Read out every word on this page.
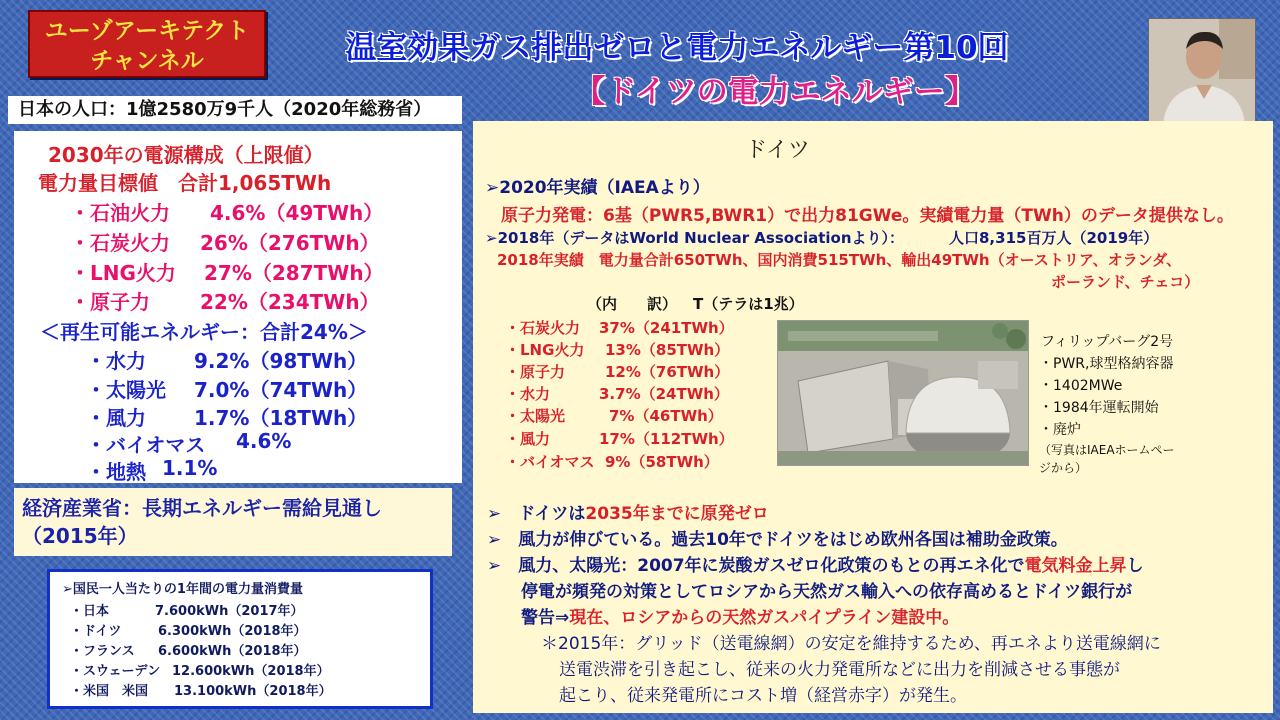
ユーゾアーキテクト
チャンネル	温室効果ガス排出ゼロと電力エネルギー第10回
【ドイツの電力エネルギー】
日本の人口：1億2580万9千人（2020年総務省）
2030年の電源構成（上限値）
電力量目標値　合計1,065TWh
・石油火力 4.6%（49TWh）
・石炭火力 26%（276TWh）
・LNG火力 27%（287TWh）
・原子力	22%（234TWh）
＜再生可能エネルギー：合計24%＞
・水力 9.2%（98TWh）
・太陽光 7.0%（74TWh）
・風力 1.7%（18TWh）
・バイオマス 4.6%
・地熱 1.1%
経済産業省：長期エネルギー需給見通し
（2015年）
➢国民一人当たりの1年間の電力量消費量
・日本	7.600kWh（2017年）
・ドイツ	6.300kWh（2018年）
・フランス 6.600kWh（2018年）
・スウェーデン 12.600kWh（2018年）
・米国　米国 13.100kWh（2018年）
ドイツ
➢2020年実績（IAEAより）
原子力発電：6基（PWR5,BWR1）で出力81GWe。実績電力量（TWh）のデータ提供なし。
➢2018年（データはWorld Nuclear Associationより）：	人口8,315百万人（2019年）
2018年実績　電力量合計650TWh、国内消費515TWh、輸出49TWh（オーストリア、オランダ、
ポーランド、チェコ）
（内　　訳） T（テラは1兆）
・石炭火力 37%（241TWh）
・LNG火力 13%（85TWh）
・原子力	12%（76TWh）
・水力	3.7%（24TWh）
・太陽光	7%（46TWh）
・風力	17%（112TWh）
・バイオマス 9%（58TWh）
フィリップバーグ2号
・PWR,球型格納容器
・1402MWe
・1984年運転開始
・廃炉
（写真はIAEAホームペー
ジから）
➢　ドイツは2035年までに原発ゼロ
➢　風力が伸びている。過去10年でドイツをはじめ欧州各国は補助金政策。
➢　風力、太陽光：2007年に炭酸ガスゼロ化政策のもとの再エネ化で電気料金上昇し
停電が頻発の対策としてロシアから天然ガス輸入への依存高めるとドイツ銀行が
警告⇒現在、ロシアからの天然ガスパイプライン建設中。
＊2015年：グリッド（送電線網）の安定を維持するため、再エネより送電線網に
送電渋滞を引き起こし、従来の火力発電所などに出力を削減させる事態が
起こり、従来発電所にコスト増（経営赤字）が発生。
